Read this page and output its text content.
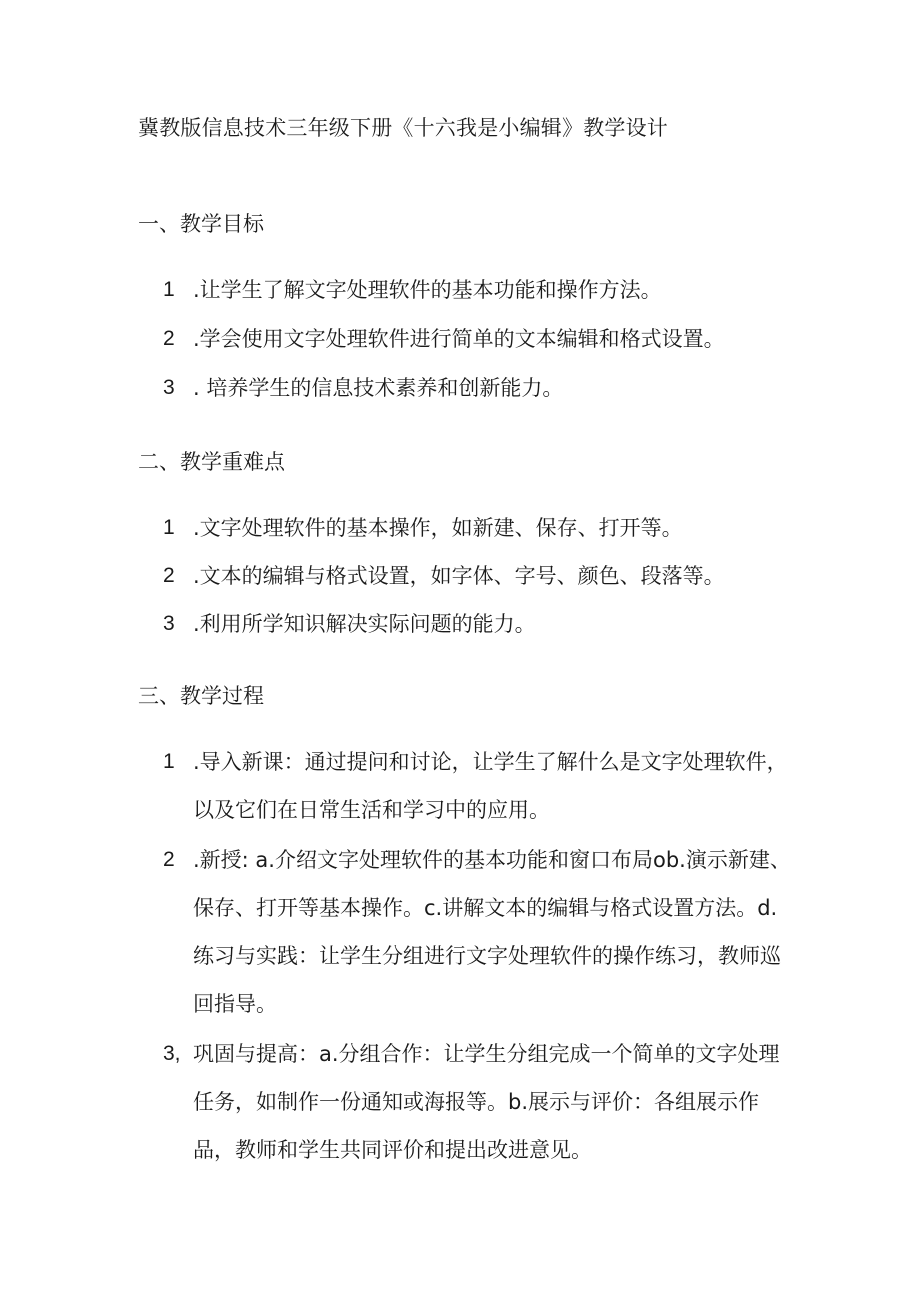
冀教版信息技术三年级下册《十六我是小编辑》教学设计
一、教学目标
1 .让学生了解文字处理软件的基本功能和操作方法。
2 .学会使用文字处理软件进行简单的文本编辑和格式设置。
3 . 培养学生的信息技术素养和创新能力。
二、教学重难点
1 .文字处理软件的基本操作，如新建、保存、打开等。
2 .文本的编辑与格式设置，如字体、字号、颜色、段落等。
3 .利用所学知识解决实际问题的能力。
三、教学过程
1 .导入新课：通过提问和讨论，让学生了解什么是文字处理软件，以及它们在日常生活和学习中的应用。
2 .新授: a.介绍文字处理软件的基本功能和窗口布局ob.演示新建、保存、打开等基本操作。c.讲解文本的编辑与格式设置方法。d.练习与实践：让学生分组进行文字处理软件的操作练习，教师巡回指导。
3, 巩固与提高：a.分组合作：让学生分组完成一个简单的文字处理任务，如制作一份通知或海报等。b.展示与评价：各组展示作品，教师和学生共同评价和提出改进意见。
